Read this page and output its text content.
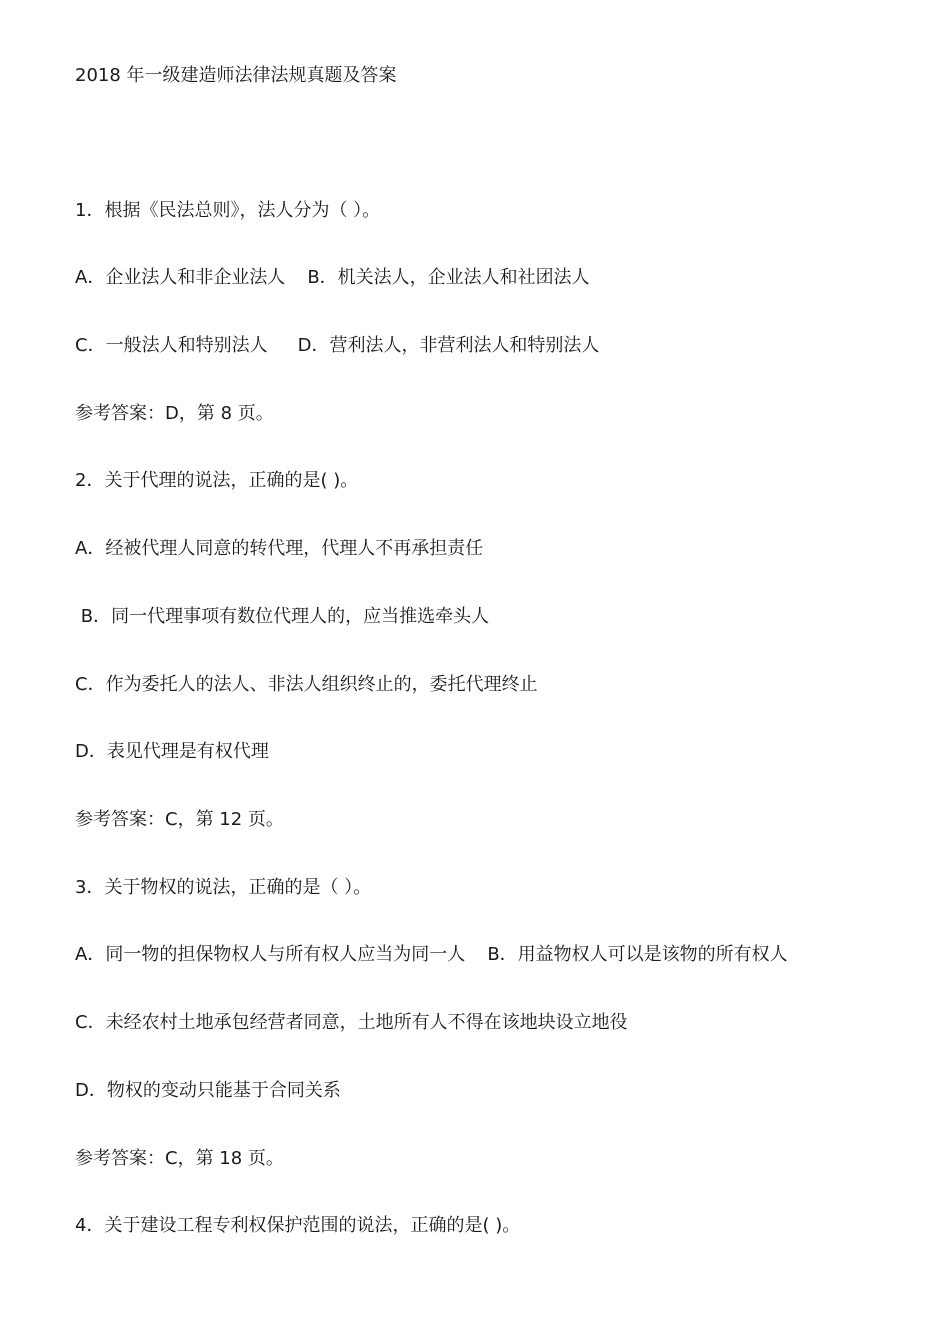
2018 年一级建造师法律法规真题及答案
1．根据《民法总则》，法人分为（ ）。
A．企业法人和非企业法人 B．机关法人，企业法人和社团法人
C．一般法人和特别法人 D．营利法人，非营利法人和特别法人
参考答案：D，第 8 页。
2．关于代理的说法，正确的是( )。
A．经被代理人同意的转代理，代理人不再承担责任
B．同一代理事项有数位代理人的，应当推选牵头人
C．作为委托人的法人、非法人组织终止的，委托代理终止
D．表见代理是有权代理
参考答案：C，第 12 页。
3．关于物权的说法，正确的是（ ）。
A．同一物的担保物权人与所有权人应当为同一人 B．用益物权人可以是该物的所有权人
C．未经农村土地承包经营者同意，土地所有人不得在该地块设立地役
D．物权的变动只能基于合同关系
参考答案：C，第 18 页。
4．关于建设工程专利权保护范围的说法，正确的是( )。
